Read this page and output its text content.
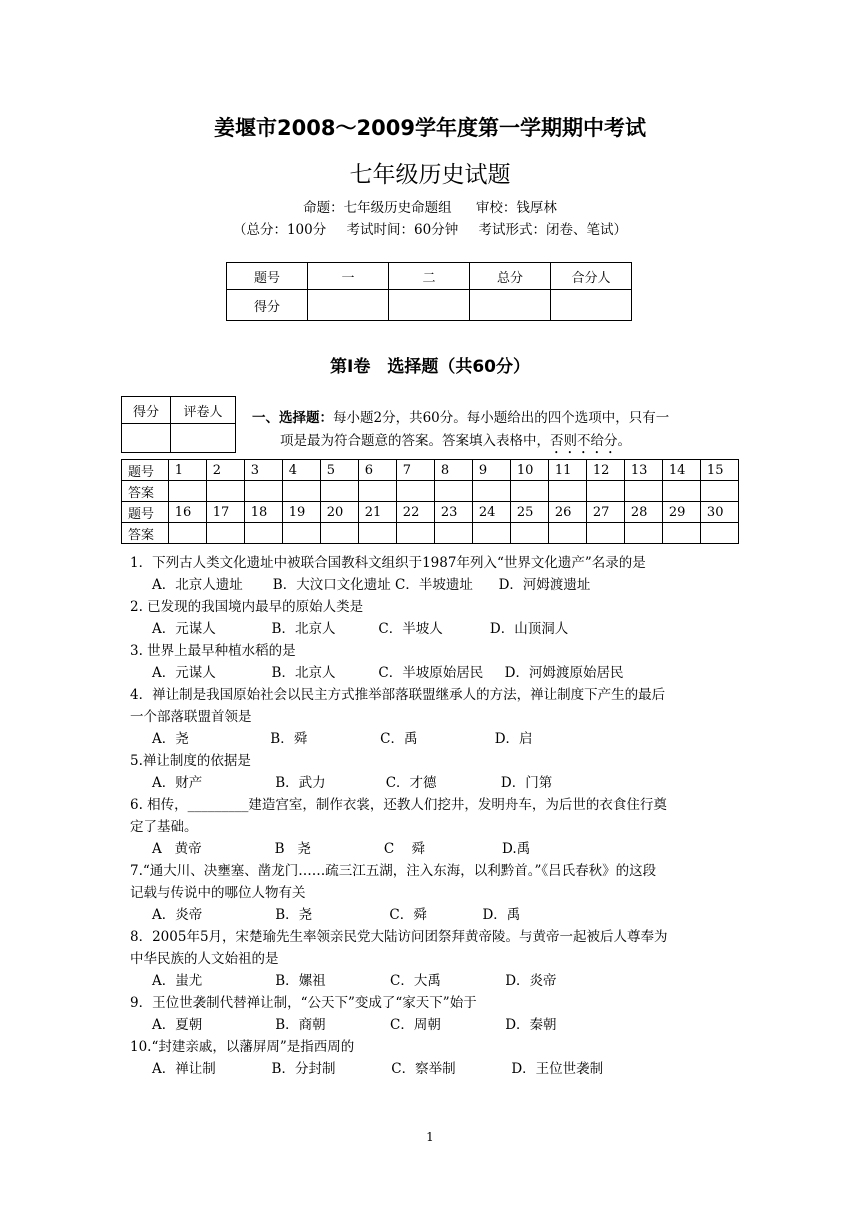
姜堰市2008～2009学年度第一学期期中考试
七年级历史试题
命题：七年级历史命题组 审校：钱厚林
（总分：100分 考试时间：60分钟 考试形式：闭卷、笔试）
题号	一	二	总分	合分人
得分				
第Ⅰ卷　选择题（共60分）
得分	评卷人
	一、选择题：每小题2分，共60分。每小题给出的四个选项中，只有一
项是最为符合题意的答案。答案填入表格中，否则不给分。
题号	1	2	3	4	5	6	7	8	9	10	11	12	13	14	15
答案															
题号	16	17	18	19	20	21	22	23	24	25	26	27	28	29	30
答案															
1．下列古人类文化遗址中被联合国教科文组织于1987年列入“世界文化遗产”名录的是
A．北京人遗址       B．大汶口文化遗址 C．半坡遗址      D．河姆渡遗址
2. 已发现的我国境内最早的原始人类是
A．元谋人             B．北京人          C．半坡人           D．山顶洞人
3. 世界上最早种植水稻的是
A．元谋人             B．北京人          C．半坡原始居民     D．河姆渡原始居民
4．禅让制是我国原始社会以民主方式推举部落联盟继承人的方法，禅让制度下产生的最后
一个部落联盟首领是
A．尧                   B．舜                 C．禹                  D．启
5.禅让制度的依据是
A．财产                 B．武力              C．才德               D．门第
6. 相传，_________建造宫室，制作衣裳，还教人们挖井，发明舟车，为后世的衣食住行奠
定了基础。
A   黄帝                 B   尧                 C    舜                  D.禹
7.“通大川、决壅塞、凿龙门……疏三江五湖，注入东海，以利黔首。”《吕氏春秋》的这段
记载与传说中的哪位人物有关
A．炎帝                 B．尧                  C．舜             D．禹
8．2005年5月，宋楚瑜先生率领亲民党大陆访问团祭拜黄帝陵。与黄帝一起被后人尊奉为
中华民族的人文始祖的是
A．蚩尤                 B．嫘祖               C．大禹               D．炎帝
9．王位世袭制代替禅让制，“公天下”变成了“家天下”始于
A．夏朝                 B．商朝               C．周朝               D．秦朝
10.“封建亲戚，以藩屏周”是指西周的
A．禅让制             B．分封制             C．察举制             D．王位世袭制
1
